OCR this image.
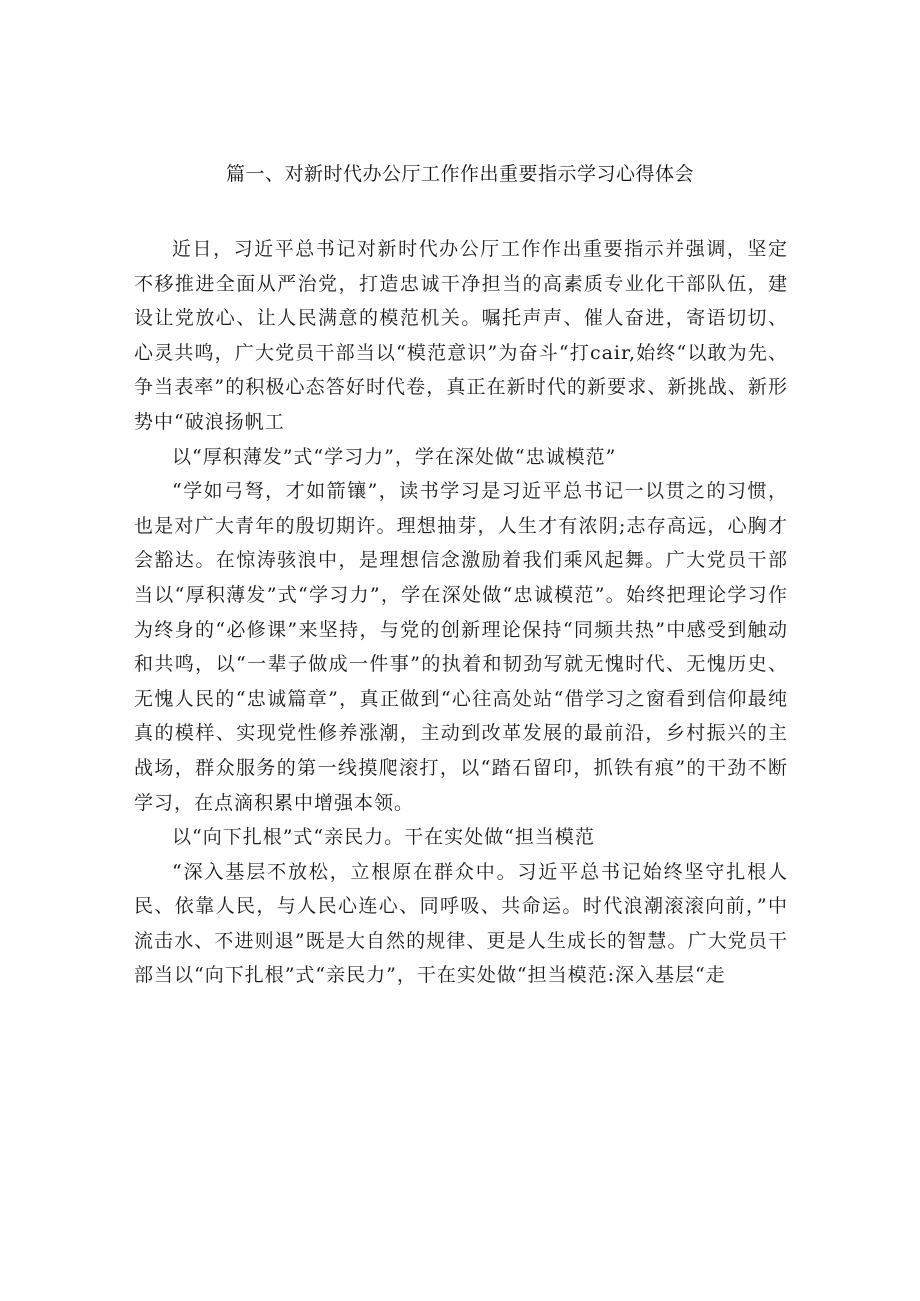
篇一、对新时代办公厅工作作出重要指示学习心得体会

近日，习近平总书记对新时代办公厅工作作出重要指示并强调，坚定不移推进全面从严治党，打造忠诚干净担当的高素质专业化干部队伍，建设让党放心、让人民满意的模范机关。嘱托声声、催人奋进，寄语切切、心灵共鸣，广大党员干部当以“模范意识”为奋斗“打cair,始终“以敢为先、争当表率”的积极心态答好时代卷，真正在新时代的新要求、新挑战、新形势中“破浪扬帆工

以“厚积薄发”式“学习力”，学在深处做“忠诚模范”

“学如弓弩，才如箭镶”，读书学习是习近平总书记一以贯之的习惯，也是对广大青年的殷切期许。理想抽芽，人生才有浓阴;志存高远，心胸才会豁达。在惊涛骇浪中，是理想信念激励着我们乘风起舞。广大党员干部当以“厚积薄发”式“学习力”，学在深处做“忠诚模范”。始终把理论学习作为终身的“必修课”来坚持，与党的创新理论保持“同频共热”中感受到触动和共鸣，以“一辈子做成一件事”的执着和韧劲写就无愧时代、无愧历史、无愧人民的“忠诚篇章”，真正做到“心往高处站“借学习之窗看到信仰最纯真的模样、实现党性修养涨潮，主动到改革发展的最前沿，乡村振兴的主战场，群众服务的第一线摸爬滚打，以“踏石留印，抓铁有痕”的干劲不断学习，在点滴积累中增强本领。

以“向下扎根”式“亲民力。干在实处做“担当模范

“深入基层不放松，立根原在群众中。习近平总书记始终坚守扎根人民、依靠人民，与人民心连心、同呼吸、共命运。时代浪潮滚滚向前，”中流击水、不进则退”既是大自然的规律、更是人生成长的智慧。广大党员干部当以“向下扎根”式“亲民力”，干在实处做“担当模范:深入基层“走
